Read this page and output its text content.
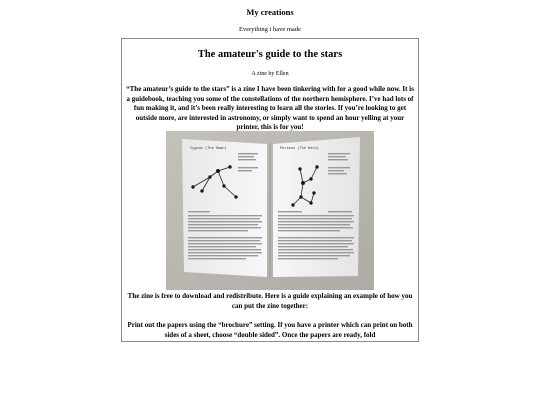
My creations
Everything i have made
The amateur's guide to the stars
A zine by Ellen

“The amateur’s guide to the stars” is a zine I have been tinkering with for a good while now. It is a guidebook, teaching you some of the constellations of the northern hemisphere. I’ve had lots of fun making it, and it’s been really interesting to learn all the stories. If you’re looking to get outside more, are interested in astronomy, or simply want to spend an hour yelling at your printer, this is for you!

Cygnus (The Swan)	Perseus (The Hero)

The zine is free to download and redistribute. Here is a guide explaining an example of how you can put the zine together:

Print out the papers using the “brochure” setting. If you have a printer which can print on both sides of a sheet, choose “double sided”. Once the papers are ready, fold
